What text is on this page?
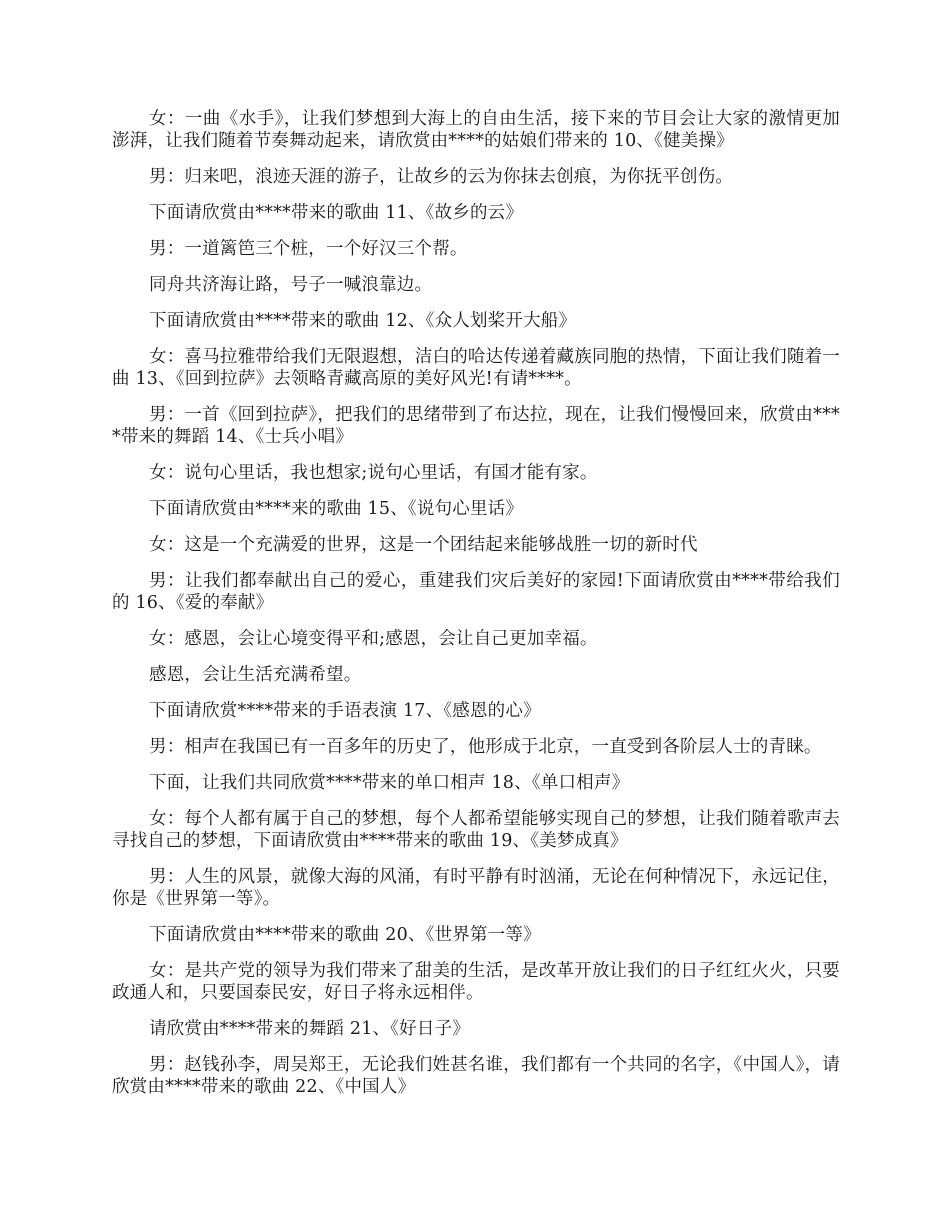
女：一曲《水手》，让我们梦想到大海上的自由生活，接下来的节目会让大家的激情更加澎湃，让我们随着节奏舞动起来，请欣赏由****的姑娘们带来的 10、《健美操》

男：归来吧，浪迹天涯的游子，让故乡的云为你抹去创痕，为你抚平创伤。

下面请欣赏由****带来的歌曲 11、《故乡的云》

男：一道篱笆三个桩，一个好汉三个帮。

同舟共济海让路，号子一喊浪靠边。

下面请欣赏由****带来的歌曲 12、《众人划桨开大船》

女：喜马拉雅带给我们无限遐想，洁白的哈达传递着藏族同胞的热情，下面让我们随着一曲 13、《回到拉萨》去领略青藏高原的美好风光!有请****。

男：一首《回到拉萨》，把我们的思绪带到了布达拉，现在，让我们慢慢回来，欣赏由****带来的舞蹈 14、《士兵小唱》

女：说句心里话，我也想家;说句心里话，有国才能有家。

下面请欣赏由****来的歌曲 15、《说句心里话》

女：这是一个充满爱的世界，这是一个团结起来能够战胜一切的新时代

男：让我们都奉献出自己的爱心，重建我们灾后美好的家园!下面请欣赏由****带给我们的 16、《爱的奉献》

女：感恩，会让心境变得平和;感恩，会让自己更加幸福。

感恩，会让生活充满希望。

下面请欣赏****带来的手语表演 17、《感恩的心》

男：相声在我国已有一百多年的历史了，他形成于北京，一直受到各阶层人士的青睐。

下面，让我们共同欣赏****带来的单口相声 18、《单口相声》

女：每个人都有属于自己的梦想，每个人都希望能够实现自己的梦想，让我们随着歌声去寻找自己的梦想，下面请欣赏由****带来的歌曲 19、《美梦成真》

男：人生的风景，就像大海的风涌，有时平静有时汹涌，无论在何种情况下，永远记住，你是《世界第一等》。

下面请欣赏由****带来的歌曲 20、《世界第一等》

女：是共产党的领导为我们带来了甜美的生活，是改革开放让我们的日子红红火火，只要政通人和，只要国泰民安，好日子将永远相伴。

请欣赏由****带来的舞蹈 21、《好日子》

男：赵钱孙李，周吴郑王，无论我们姓甚名谁，我们都有一个共同的名字，《中国人》，请欣赏由****带来的歌曲 22、《中国人》
